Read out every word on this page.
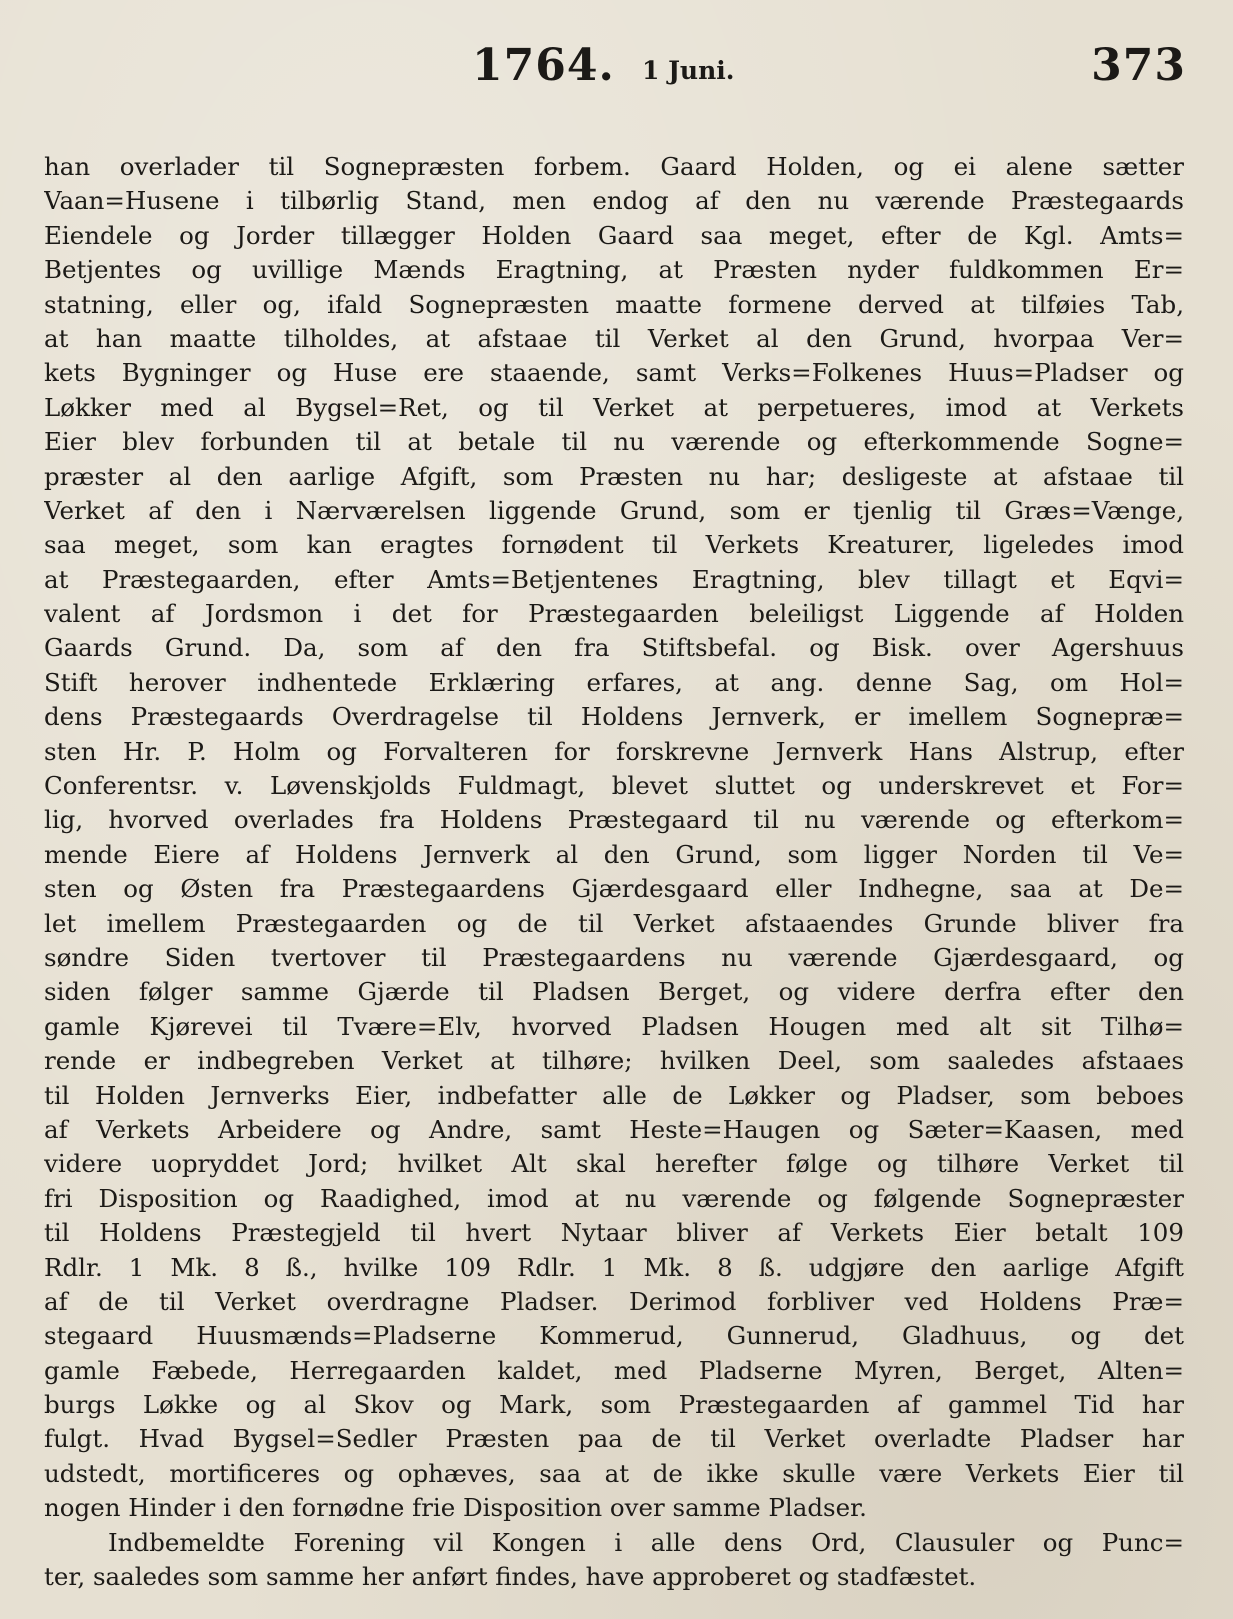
1764. 1 Juni.	373
han overlader til Sognepræsten forbem. Gaard Holden, og ei alene sætter
Vaan=Husene i tilbørlig Stand, men endog af den nu værende Præstegaards
Eiendele og Jorder tillægger Holden Gaard saa meget, efter de Kgl. Amts=
Betjentes og uvillige Mænds Eragtning, at Præsten nyder fuldkommen Er=
statning, eller og, ifald Sognepræsten maatte formene derved at tilføies Tab,
at han maatte tilholdes, at afstaae til Verket al den Grund, hvorpaa Ver=
kets Bygninger og Huse ere staaende, samt Verks=Folkenes Huus=Pladser og
Løkker med al Bygsel=Ret, og til Verket at perpetueres, imod at Verkets
Eier blev forbunden til at betale til nu værende og efterkommende Sogne=
præster al den aarlige Afgift, som Præsten nu har; desligeste at afstaae til
Verket af den i Nærværelsen liggende Grund, som er tjenlig til Græs=Vænge,
saa meget, som kan eragtes fornødent til Verkets Kreaturer, ligeledes imod
at Præstegaarden, efter Amts=Betjentenes Eragtning, blev tillagt et Eqvi=
valent af Jordsmon i det for Præstegaarden beleiligst Liggende af Holden
Gaards Grund. Da, som af den fra Stiftsbefal. og Bisk. over Agershuus
Stift herover indhentede Erklæring erfares, at ang. denne Sag, om Hol=
dens Præstegaards Overdragelse til Holdens Jernverk, er imellem Sognepræ=
sten Hr. P. Holm og Forvalteren for forskrevne Jernverk Hans Alstrup, efter
Conferentsr. v. Løvenskjolds Fuldmagt, blevet sluttet og underskrevet et For=
lig, hvorved overlades fra Holdens Præstegaard til nu værende og efterkom=
mende Eiere af Holdens Jernverk al den Grund, som ligger Norden til Ve=
sten og Østen fra Præstegaardens Gjærdesgaard eller Indhegne, saa at De=
let imellem Præstegaarden og de til Verket afstaaendes Grunde bliver fra
søndre Siden tvertover til Præstegaardens nu værende Gjærdesgaard, og
siden følger samme Gjærde til Pladsen Berget, og videre derfra efter den
gamle Kjørevei til Tvære=Elv, hvorved Pladsen Hougen med alt sit Tilhø=
rende er indbegreben Verket at tilhøre; hvilken Deel, som saaledes afstaaes
til Holden Jernverks Eier, indbefatter alle de Løkker og Pladser, som beboes
af Verkets Arbeidere og Andre, samt Heste=Haugen og Sæter=Kaasen, med
videre uopryddet Jord; hvilket Alt skal herefter følge og tilhøre Verket til
fri Disposition og Raadighed, imod at nu værende og følgende Sognepræster
til Holdens Præstegjeld til hvert Nytaar bliver af Verkets Eier betalt 109
Rdlr. 1 Mk. 8 ß., hvilke 109 Rdlr. 1 Mk. 8 ß. udgjøre den aarlige Afgift
af de til Verket overdragne Pladser. Derimod forbliver ved Holdens Præ=
stegaard Huusmænds=Pladserne Kommerud, Gunnerud, Gladhuus, og det
gamle Fæbede, Herregaarden kaldet, med Pladserne Myren, Berget, Alten=
burgs Løkke og al Skov og Mark, som Præstegaarden af gammel Tid har
fulgt. Hvad Bygsel=Sedler Præsten paa de til Verket overladte Pladser har
udstedt, mortificeres og ophæves, saa at de ikke skulle være Verkets Eier til
nogen Hinder i den fornødne frie Disposition over samme Pladser.
Indbemeldte Forening vil Kongen i alle dens Ord, Clausuler og Punc=
ter, saaledes som samme her anført findes, have approberet og stadfæstet.
